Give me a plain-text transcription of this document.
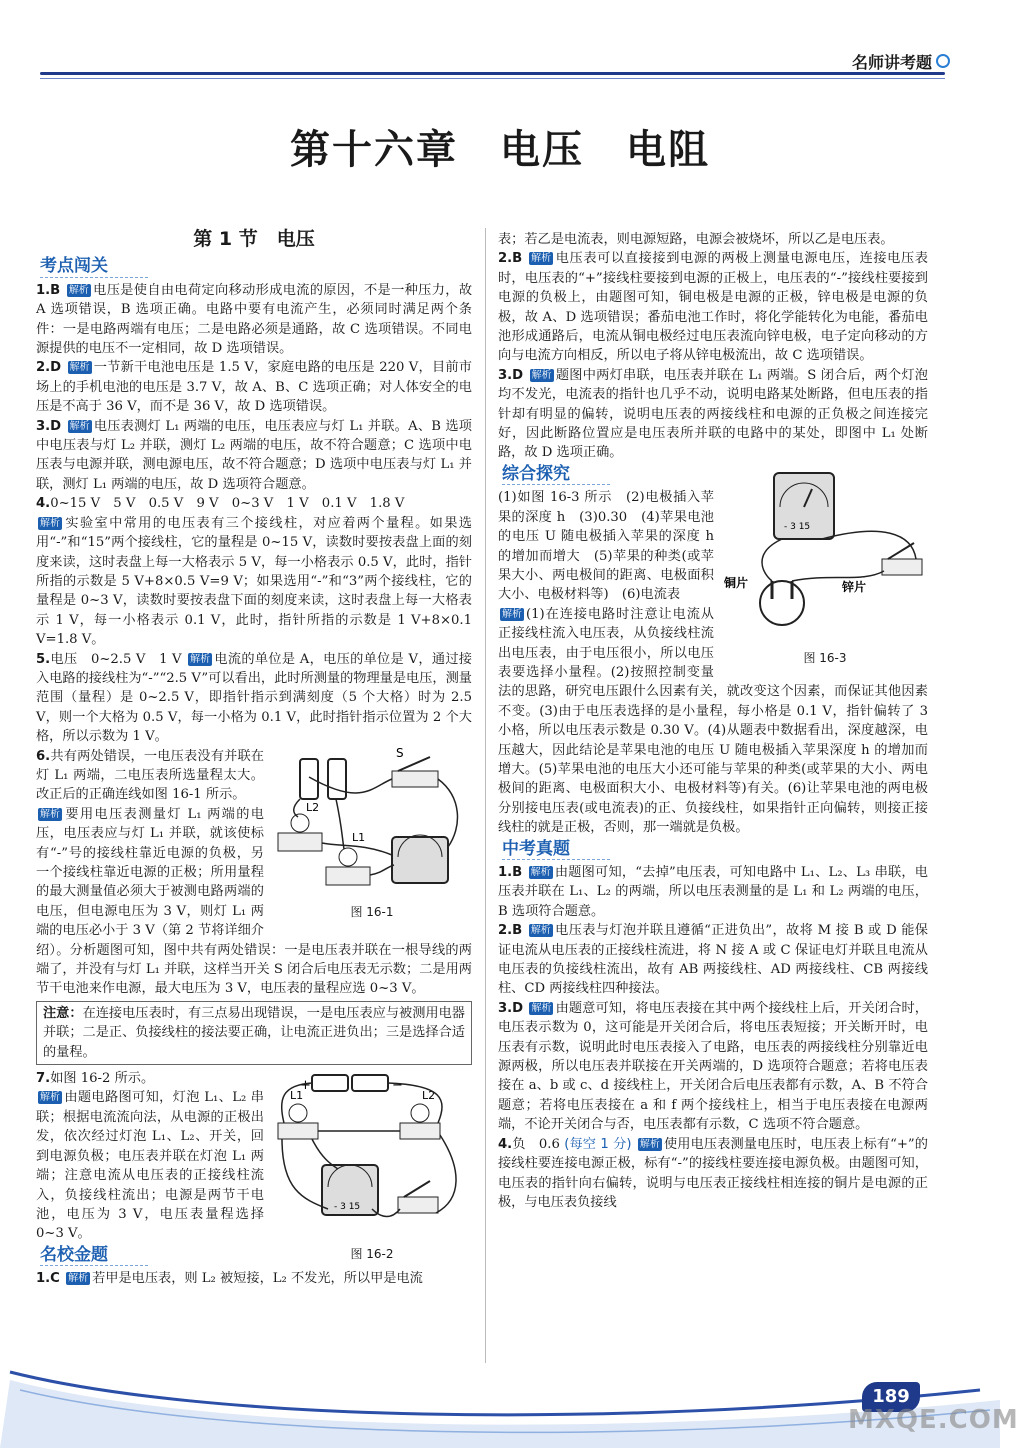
名师讲考题
第十六章　电压　电阻
第 1 节　电压
考点闯关

1.B 解析 电压是使自由电荷定向移动形成电流的原因，不是一种压力，故 A 选项错误，B 选项正确。电路中要有电流产生，必须同时满足两个条件：一是电路两端有电压；二是电路必须是通路，故 C 选项错误。不同电源提供的电压不一定相同，故 D 选项错误。

2.D 解析 一节新干电池电压是 1.5 V，家庭电路的电压是 220 V，目前市场上的手机电池的电压是 3.7 V，故 A、B、C 选项正确；对人体安全的电压是不高于 36 V，而不是 36 V，故 D 选项错误。

3.D 解析 电压表测灯 L₁ 两端的电压，电压表应与灯 L₁ 并联。A、B 选项中电压表与灯 L₂ 并联，测灯 L₂ 两端的电压，故不符合题意；C 选项中电压表与电源并联，测电源电压，故不符合题意；D 选项中电压表与灯 L₁ 并联，测灯 L₁ 两端的电压，故 D 选项符合题意。

4.0~15 V　5 V　0.5 V　9 V　0~3 V　1 V　0.1 V　1.8 V
解析 实验室中常用的电压表有三个接线柱，对应着两个量程。如果选用“-”和“15”两个接线柱，它的量程是 0~15 V，读数时要按表盘上面的刻度来读，这时表盘上每一大格表示 5 V，每一小格表示 0.5 V，此时，指针所指的示数是 5 V+8×0.5 V=9 V；如果选用“-”和“3”两个接线柱，它的量程是 0~3 V，读数时要按表盘下面的刻度来读，这时表盘上每一大格表示 1 V，每一小格表示 0.1 V，此时，指针所指的示数是 1 V+8×0.1 V=1.8 V。

5.电压　0~2.5 V　1 V 解析 电流的单位是 A，电压的单位是 V，通过接入电路的接线柱为“-”“2.5 V”可以看出，此时所测量的物理量是电压，测量范围（量程）是 0~2.5 V，即指针指示到满刻度（5 个大格）时为 2.5 V，则一个大格为 0.5 V，每一小格为 0.1 V，此时指针指示位置为 2 个大格，所以示数为 1 V。

S
L2
L1
图 16-1

6.共有两处错误，一电压表没有并联在灯 L₁ 两端，二电压表所选量程太大。改正后的正确连线如图 16-1 所示。
解析 要用电压表测量灯 L₁ 两端的电压，电压表应与灯 L₁ 并联，就该使标有“-”号的接线柱靠近电源的负极，另一个接线柱靠近电源的正极；所用量程的最大测量值必须大于被测电路两端的电压，但电源电压为 3 V，则灯 L₁ 两端的电压必小于 3 V（第 2 节将详细介绍）。分析题图可知，图中共有两处错误：一是电压表并联在一根导线的两端了，并没有与灯 L₁ 并联，这样当开关 S 闭合后电压表无示数；二是用两节干电池来作电源，最大电压为 3 V，电压表的量程应选 0~3 V。

注意：在连接电压表时，有三点易出现错误，一是电压表应与被测用电器并联；二是正、负接线柱的接法要正确，让电流正进负出；三是选择合适的量程。
+	−
L1	L2
- 3 15
图 16-2

7.如图 16-2 所示。
解析 由题电路图可知，灯泡 L₁、L₂ 串联；根据电流流向法，从电源的正极出发，依次经过灯泡 L₁、L₂、开关，回到电源负极；电压表并联在灯泡 L₁ 两端；注意电流从电压表的正接线柱流入，负接线柱流出；电源是两节干电池，电压为 3 V，电压表量程选择 0~3 V。

名校金题

1.C 解析 若甲是电压表，则 L₂ 被短接，L₂ 不发光，所以甲是电流

表；若乙是电流表，则电源短路，电源会被烧坏，所以乙是电压表。

2.B 解析 电压表可以直接接到电源的两极上测量电源电压，连接电压表时，电压表的“+”接线柱要接到电源的正极上，电压表的“-”接线柱要接到电源的负极上，由题图可知，铜电极是电源的正极，锌电极是电源的负极，故 A、D 选项错误；番茄电池工作时，将化学能转化为电能，番茄电池形成通路后，电流从铜电极经过电压表流向锌电极，电子定向移动的方向与电流方向相反，所以电子将从锌电极流出，故 C 选项错误。

3.D 解析 题图中两灯串联，电压表并联在 L₁ 两端。S 闭合后，两个灯泡均不发光，电流表的指针也几乎不动，说明电路某处断路，但电压表的指针却有明显的偏转，说明电压表的两接线柱和电源的正负极之间连接完好，因此断路位置应是电压表所并联的电路中的某处，即图中 L₁ 处断路，故 D 选项正确。

综合探究
- 3 15
铜片	锌片
图 16-3

(1)如图 16-3 所示　(2)电极插入苹果的深度 h　(3)0.30　(4)苹果电池的电压 U 随电极插入苹果的深度 h 的增加而增大　(5)苹果的种类(或苹果大小、两电极间的距离、电极面积大小、电极材料等)　(6)电流表

解析 (1)在连接电路时注意让电流从正接线柱流入电压表，从负接线柱流出电压表，由于电压很小，所以电压表要选择小量程。(2)按照控制变量法的思路，研究电压跟什么因素有关，就改变这个因素，而保证其他因素不变。(3)由于电压表选择的是小量程，每小格是 0.1 V，指针偏转了 3 小格，所以电压表示数是 0.30 V。(4)从题表中数据看出，深度越深，电压越大，因此结论是苹果电池的电压 U 随电极插入苹果深度 h 的增加而增大。(5)苹果电池的电压大小还可能与苹果的种类(或苹果的大小、两电极间的距离、电极面积大小、电极材料等)有关。(6)让苹果电池的两电极分别接电压表(或电流表)的正、负接线柱，如果指针正向偏转，则接正接线柱的就是正极，否则，那一端就是负极。

中考真题

1.B 解析 由题图可知，“去掉”电压表，可知电路中 L₁、L₂、L₃ 串联，电压表并联在 L₁、L₂ 的两端，所以电压表测量的是 L₁ 和 L₂ 两端的电压，B 选项符合题意。

2.B 解析 电压表与灯泡并联且遵循“正进负出”，故将 M 接 B 或 D 能保证电流从电压表的正接线柱流进，将 N 接 A 或 C 保证电灯并联且电流从电压表的负接线柱流出，故有 AB 两接线柱、AD 两接线柱、CB 两接线柱、CD 两接线柱四种接法。

3.D 解析 由题意可知，将电压表接在其中两个接线柱上后，开关闭合时，电压表示数为 0，这可能是开关闭合后，将电压表短接；开关断开时，电压表有示数，说明此时电压表接入了电路，电压表的两接线柱分别靠近电源两极，所以电压表并联接在开关两端的，D 选项符合题意；若将电压表接在 a、b 或 c、d 接线柱上，开关闭合后电压表都有示数，A、B 不符合题意；若将电压表接在 a 和 f 两个接线柱上，相当于电压表接在电源两端，不论开关闭合与否，电压表都有示数，C 选项不符合题意。

4.负　0.6 (每空 1 分) 解析 使用电压表测量电压时，电压表上标有“+”的接线柱要连接电源正极，标有“-”的接线柱要连接电源负极。由题图可知，电压表的指针向右偏转，说明与电压表正接线柱相连接的铜片是电源的正极，与电压表负接线

189
MXQE.COM
